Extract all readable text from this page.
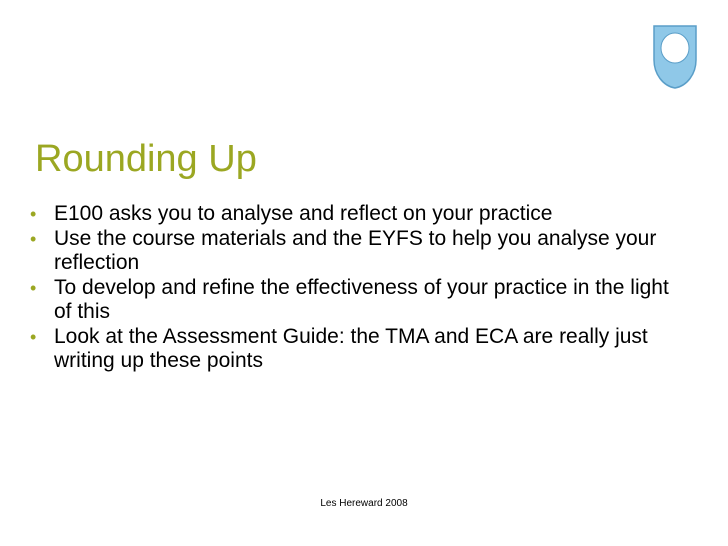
Rounding Up
• E100 asks you to analyse and reflect on your practice
• Use the course materials and the EYFS to help you analyse your reflection
• To develop and refine the effectiveness of your practice in the light of this
• Look at the Assessment Guide: the TMA and ECA are really just writing up these points
Les Hereward 2008
